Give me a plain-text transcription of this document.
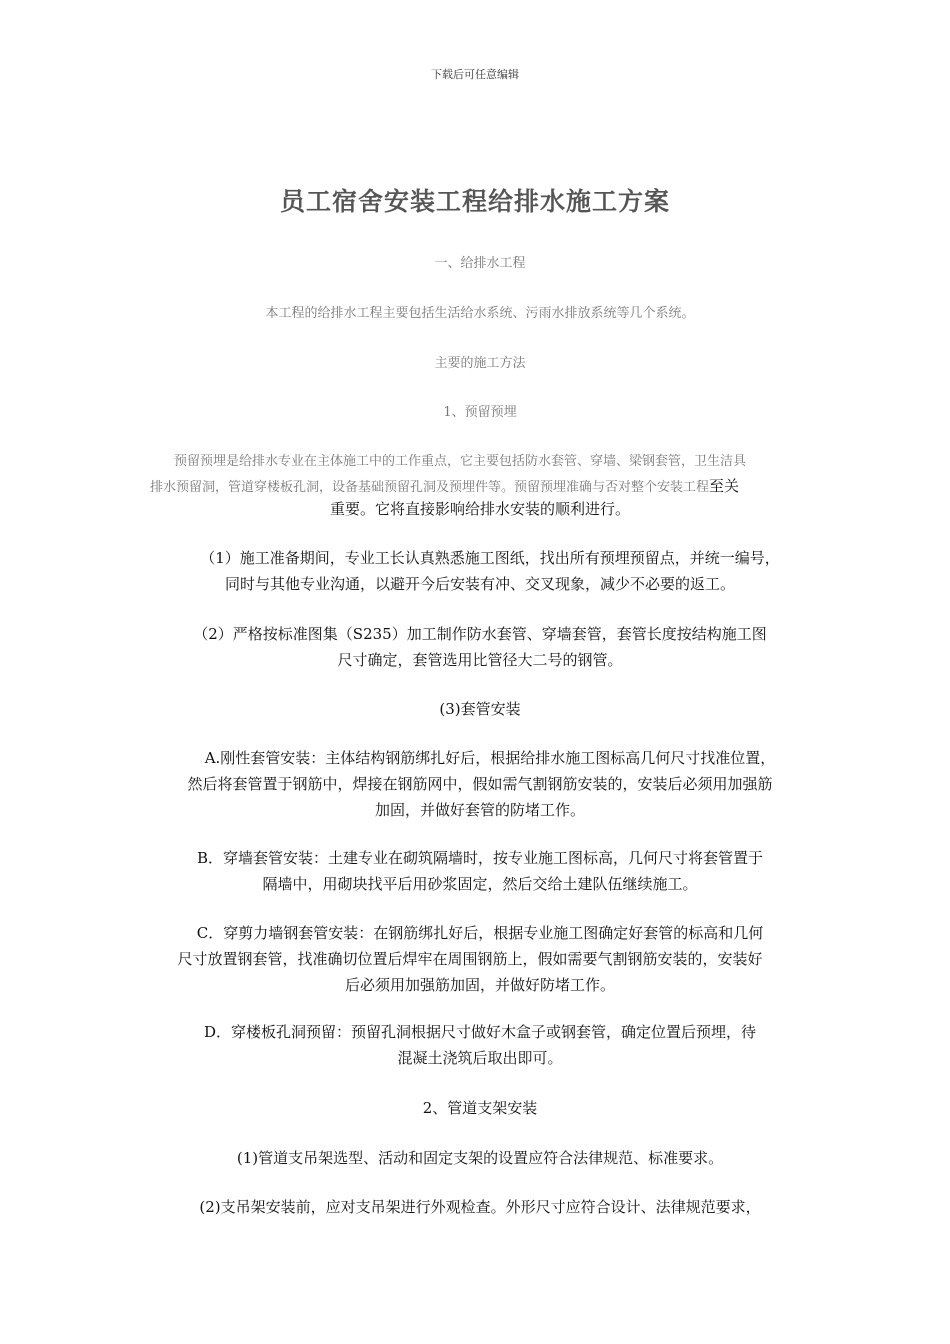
下载后可任意编辑
员工宿舍安装工程给排水施工方案

一、给排水工程

本工程的给排水工程主要包括生活给水系统、污雨水排放系统等几个系统。

主要的施工方法

1、预留预埋

预留预埋是给排水专业在主体施工中的工作重点，它主要包括防水套管、穿墙、梁钢套管，卫生洁具

排水预留洞，管道穿楼板孔洞，设备基础预留孔洞及预埋件等。预留预埋准确与否对整个安装工程至关

重要。它将直接影响给排水安装的顺利进行。

（1）施工准备期间，专业工长认真熟悉施工图纸，找出所有预埋预留点，并统一编号，

同时与其他专业沟通，以避开今后安装有冲、交叉现象，减少不必要的返工。

（2）严格按标准图集（S235）加工制作防水套管、穿墙套管，套管长度按结构施工图

尺寸确定，套管选用比管径大二号的钢管。

(3)套管安装

A.刚性套管安装：主体结构钢筋绑扎好后，根据给排水施工图标高几何尺寸找准位置，

然后将套管置于钢筋中，焊接在钢筋网中，假如需气割钢筋安装的，安装后必须用加强筋

加固，并做好套管的防堵工作。

B．穿墙套管安装：土建专业在砌筑隔墙时，按专业施工图标高，几何尺寸将套管置于

隔墙中，用砌块找平后用砂浆固定，然后交给土建队伍继续施工。

C．穿剪力墙钢套管安装：在钢筋绑扎好后，根据专业施工图确定好套管的标高和几何

尺寸放置钢套管，找准确切位置后焊牢在周围钢筋上，假如需要气割钢筋安装的，安装好

后必须用加强筋加固，并做好防堵工作。

D．穿楼板孔洞预留：预留孔洞根据尺寸做好木盒子或钢套管，确定位置后预埋，待

混凝土浇筑后取出即可。

2、管道支架安装

(1)管道支吊架选型、活动和固定支架的设置应符合法律规范、标准要求。

(2)支吊架安装前，应对支吊架进行外观检查。外形尺寸应符合设计、法律规范要求，
